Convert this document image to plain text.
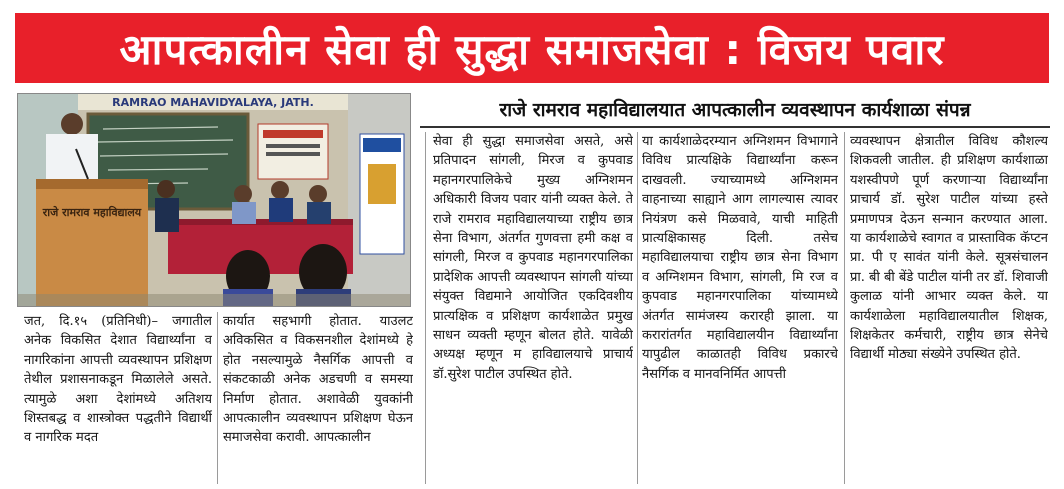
आपत्कालीन सेवा ही सुद्धा समाजसेवा : विजय पवार
RAMRAO MAHAVIDYALAYA, JATH.
राजे रामराव महाविद्यालय
राजे रामराव महाविद्यालयात आपत्कालीन व्यवस्थापन कार्यशाळा संपन्न

जत, दि.१५ (प्रतिनिधी)– जगातील अनेक विकसित देशात विद्यार्थ्यांना व नागरिकांना आपत्ती व्यवस्थापन प्रशिक्षण तेथील प्रशासनाकडून मिळालेले असते. त्यामुळे अशा देशांमध्ये अतिशय शिस्तबद्ध व शास्त्रोक्त पद्धतीने विद्यार्थी व नागरिक मदत

कार्यात सहभागी होतात. याउलट अविकसित व विकसनशील देशांमध्ये हे होत नसल्यामुळे नैसर्गिक आपत्ती व संकटकाळी अनेक अडचणी व समस्या निर्माण होतात. अशावेळी युवकांनी आपत्कालीन व्यवस्थापन प्रशिक्षण घेऊन समाजसेवा करावी. आपत्कालीन

सेवा ही सुद्धा समाजसेवा असते, असे प्रतिपादन सांगली, मिरज व कुपवाड महानगरपालिकेचे मुख्य अग्निशमन अधिकारी विजय पवार यांनी व्यक्त केले. ते राजे रामराव महाविद्यालयाच्या राष्ट्रीय छात्र सेना विभाग, अंतर्गत गुणवत्ता हमी कक्ष व सांगली, मिरज व कुपवाड महानगरपालिका प्रादेशिक आपत्ती व्यवस्थापन सांगली यांच्या संयुक्त विद्यमाने आयोजित एकदिवशीय प्रात्यक्षिक व प्रशिक्षण कार्यशाळेत प्रमुख साधन व्यक्ती म्हणून बोलत होते. यावेळी अध्यक्ष म्हणून म हाविद्यालयाचे प्राचार्य डॉ.सुरेश पाटील उपस्थित होते.

या कार्यशाळेदरम्यान अग्निशमन विभागाने विविध प्रात्यक्षिके विद्यार्थ्यांना करून दाखवली. ज्याच्यामध्ये अग्निशमन वाहनाच्या साह्याने आग लागल्यास त्यावर नियंत्रण कसे मिळवावे, याची माहिती प्रात्यक्षिकासह दिली. तसेच महाविद्यालयाचा राष्ट्रीय छात्र सेना विभाग व अग्निशमन विभाग, सांगली, मि रज व कुपवाड महानगरपालिका यांच्यामध्ये अंतर्गत सामंजस्य करारही झाला. या करारांतर्गत महाविद्यालयीन विद्यार्थ्यांना यापुढील काळातही विविध प्रकारचे नैसर्गिक व मानवनिर्मित आपत्ती

व्यवस्थापन क्षेत्रातील विविध कौशल्य शिकवली जातील. ही प्रशिक्षण कार्यशाळा यशस्वीपणे पूर्ण करणाऱ्या विद्यार्थ्यांना प्राचार्य डॉ. सुरेश पाटील यांच्या हस्ते प्रमाणपत्र देऊन सन्मान करण्यात आला. या कार्यशाळेचे स्वागत व प्रास्ताविक कॅप्टन प्रा. पी ए सावंत यांनी केले. सूत्रसंचालन प्रा. बी बी बेंडे पाटील यांनी तर डॉ. शिवाजी कुलाळ यांनी आभार व्यक्त केले. या कार्यशाळेला महाविद्यालयातील शिक्षक, शिक्षकेतर कर्मचारी, राष्ट्रीय छात्र सेनेचे विद्यार्थी मोठ्या संख्येने उपस्थित होते.
